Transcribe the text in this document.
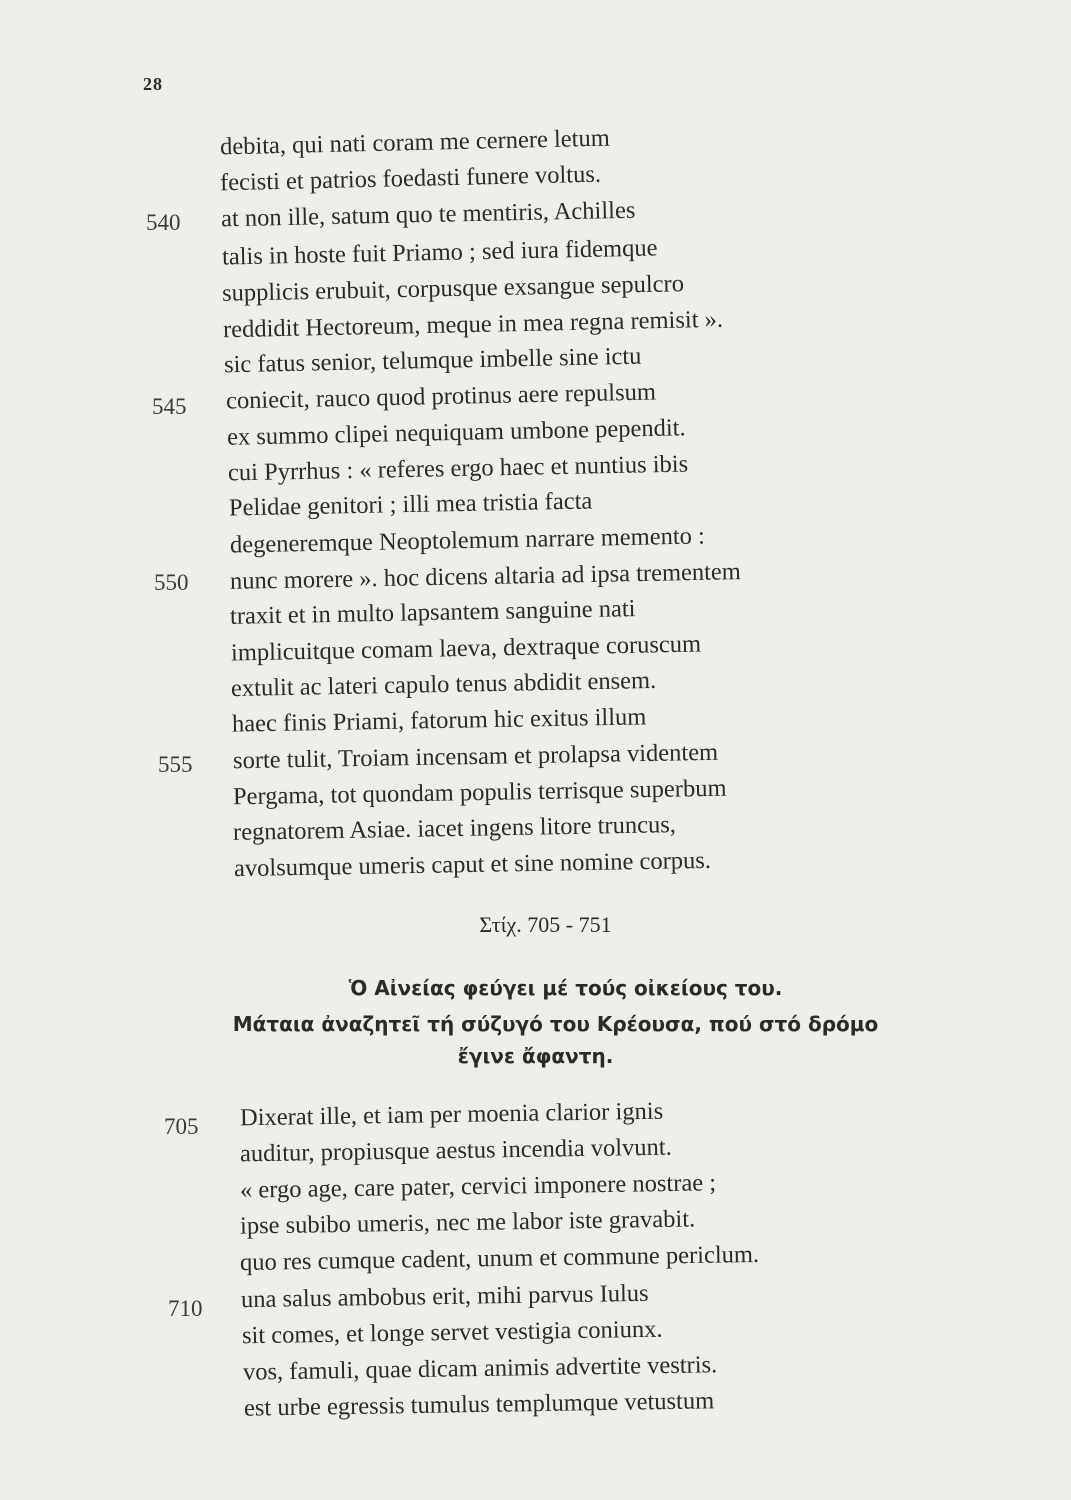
28
debita, qui nati coram me cernere letum
fecisti et patrios foedasti funere voltus.
at non ille, satum quo te mentiris, Achilles
talis in hoste fuit Priamo ; sed iura fidemque
supplicis erubuit, corpusque exsangue sepulcro
reddidit Hectoreum, meque in mea regna remisit ».
sic fatus senior, telumque imbelle sine ictu
coniecit, rauco quod protinus aere repulsum
ex summo clipei nequiquam umbone pependit.
cui Pyrrhus : « referes ergo haec et nuntius ibis
Pelidae genitori ; illi mea tristia facta
degeneremque Neoptolemum narrare memento :
nunc morere ». hoc dicens altaria ad ipsa trementem
traxit et in multo lapsantem sanguine nati
implicuitque comam laeva, dextraque coruscum
extulit ac lateri capulo tenus abdidit ensem.
haec finis Priami, fatorum hic exitus illum
sorte tulit, Troiam incensam et prolapsa videntem
Pergama, tot quondam populis terrisque superbum
regnatorem Asiae. iacet ingens litore truncus,
avolsumque umeris caput et sine nomine corpus.
540
545
550
555
Στίχ. 705 - 751
Ὁ Αἰνείας φεύγει μέ τούς οἰκείους του.
Μάταια ἀναζητεῖ τή σύζυγό του Κρέουσα, πού στό δρόμο
ἔγινε ἄφαντη.
Dixerat ille, et iam per moenia clarior ignis
auditur, propiusque aestus incendia volvunt.
« ergo age, care pater, cervici imponere nostrae ;
ipse subibo umeris, nec me labor iste gravabit.
quo res cumque cadent, unum et commune periclum.
una salus ambobus erit, mihi parvus Iulus
sit comes, et longe servet vestigia coniunx.
vos, famuli, quae dicam animis advertite vestris.
est urbe egressis tumulus templumque vetustum
705
710
